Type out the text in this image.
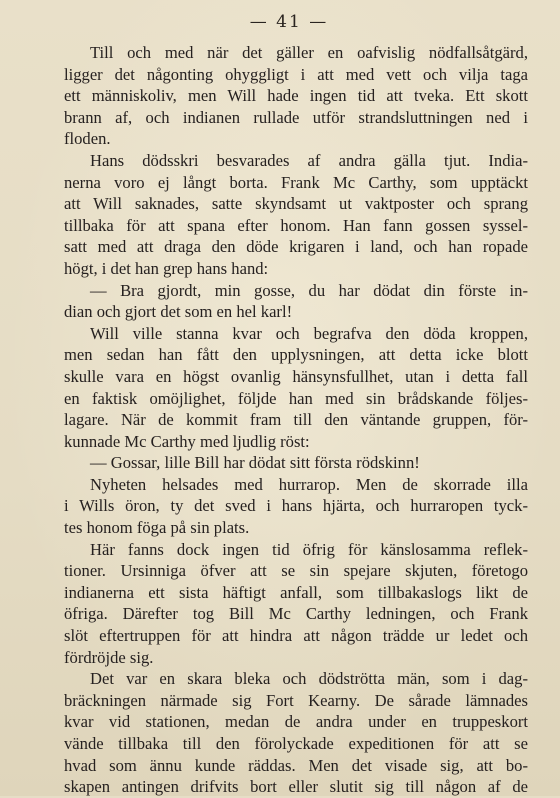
— 41 —
Till och med när det gäller en oafvislig nödfallsåtgärd,
ligger det någonting ohyggligt i att med vett och vilja taga
ett människoliv, men Will hade ingen tid att tveka. Ett skott
brann af, och indianen rullade utför strandsluttningen ned i
floden.
Hans dödsskri besvarades af andra gälla tjut. India-
nerna voro ej långt borta. Frank Mc Carthy, som upptäckt
att Will saknades, satte skyndsamt ut vaktposter och sprang
tillbaka för att spana efter honom. Han fann gossen syssel-
satt med att draga den döde krigaren i land, och han ropade
högt, i det han grep hans hand:
— Bra gjordt, min gosse, du har dödat din förste in-
dian och gjort det som en hel karl!
Will ville stanna kvar och begrafva den döda kroppen,
men sedan han fått den upplysningen, att detta icke blott
skulle vara en högst ovanlig hänsynsfullhet, utan i detta fall
en faktisk omöjlighet, följde han med sin brådskande följes-
lagare. När de kommit fram till den väntande gruppen, för-
kunnade Mc Carthy med ljudlig röst:
— Gossar, lille Bill har dödat sitt första rödskinn!
Nyheten helsades med hurrarop. Men de skorrade illa
i Wills öron, ty det sved i hans hjärta, och hurraropen tyck-
tes honom föga på sin plats.
Här fanns dock ingen tid öfrig för känslosamma reflek-
tioner. Ursinniga öfver att se sin spejare skjuten, företogo
indianerna ett sista häftigt anfall, som tillbakaslogs likt de
öfriga. Därefter tog Bill Mc Carthy ledningen, och Frank
slöt eftertruppen för att hindra att någon trädde ur ledet och
fördröjde sig.
Det var en skara bleka och dödströtta män, som i dag-
bräckningen närmade sig Fort Kearny. De sårade lämnades
kvar vid stationen, medan de andra under en truppeskort
vände tillbaka till den förolyckade expeditionen för att se
hvad som ännu kunde räddas. Men det visade sig, att bo-
skapen antingen drifvits bort eller slutit sig till någon af de
